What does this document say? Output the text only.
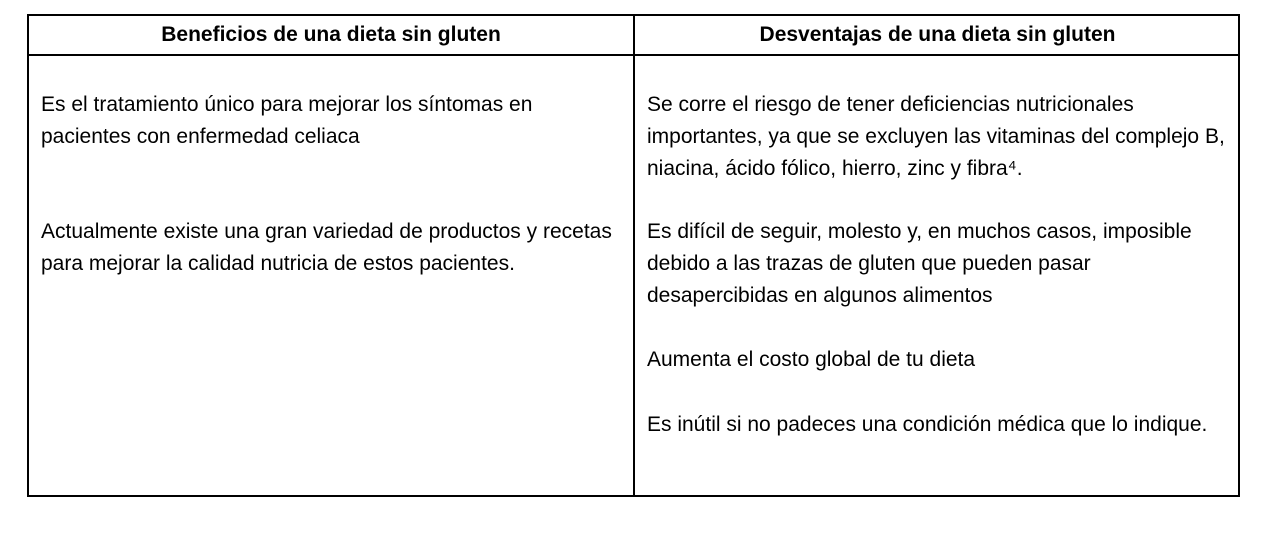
Beneficios de una dieta sin gluten	Desventajas de una dieta sin gluten

Es el tratamiento único para mejorar los síntomas en pacientes con enfermedad celiaca

Actualmente existe una gran variedad de productos y recetas para mejorar la calidad nutricia de estos pacientes.

Se corre el riesgo de tener deficiencias nutricionales importantes, ya que se excluyen las vitaminas del complejo B, niacina, ácido fólico, hierro, zinc y fibra⁴.

Es difícil de seguir, molesto y, en muchos casos, imposible debido a las trazas de gluten que pueden pasar desapercibidas en algunos alimentos

Aumenta el costo global de tu dieta

Es inútil si no padeces una condición médica que lo indique.
